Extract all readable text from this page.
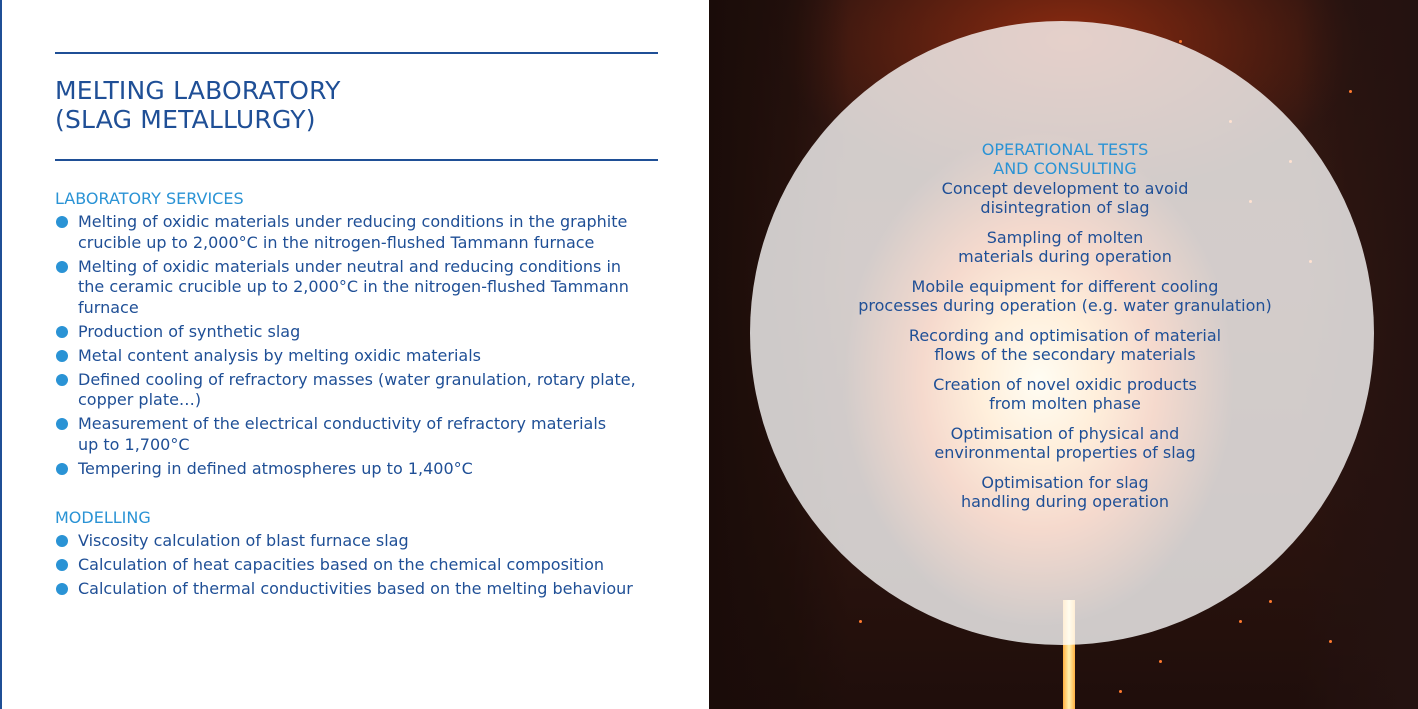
MELTING LABORATORY
(SLAG METALLURGY)
LABORATORY SERVICES
Melting of oxidic materials under reducing conditions in the graphite
crucible up to 2,000°C in the nitrogen-flushed Tammann furnace
Melting of oxidic materials under neutral and reducing conditions in
the ceramic crucible up to 2,000°C in the nitrogen-flushed Tammann
furnace
Production of synthetic slag
Metal content analysis by melting oxidic materials
Defined cooling of refractory masses (water granulation, rotary plate,
copper plate…)
Measurement of the electrical conductivity of refractory materials
up to 1,700°C
Tempering in defined atmospheres up to 1,400°C
MODELLING
Viscosity calculation of blast furnace slag
Calculation of heat capacities based on the chemical composition
Calculation of thermal conductivities based on the melting behaviour
OPERATIONAL TESTS
AND CONSULTING

Concept development to avoid
disintegration of slag

Sampling of molten
materials during operation

Mobile equipment for different cooling
processes during operation (e.g. water granulation)

Recording and optimisation of material
flows of the secondary materials

Creation of novel oxidic products
from molten phase

Optimisation of physical and
environmental properties of slag

Optimisation for slag
handling during operation
